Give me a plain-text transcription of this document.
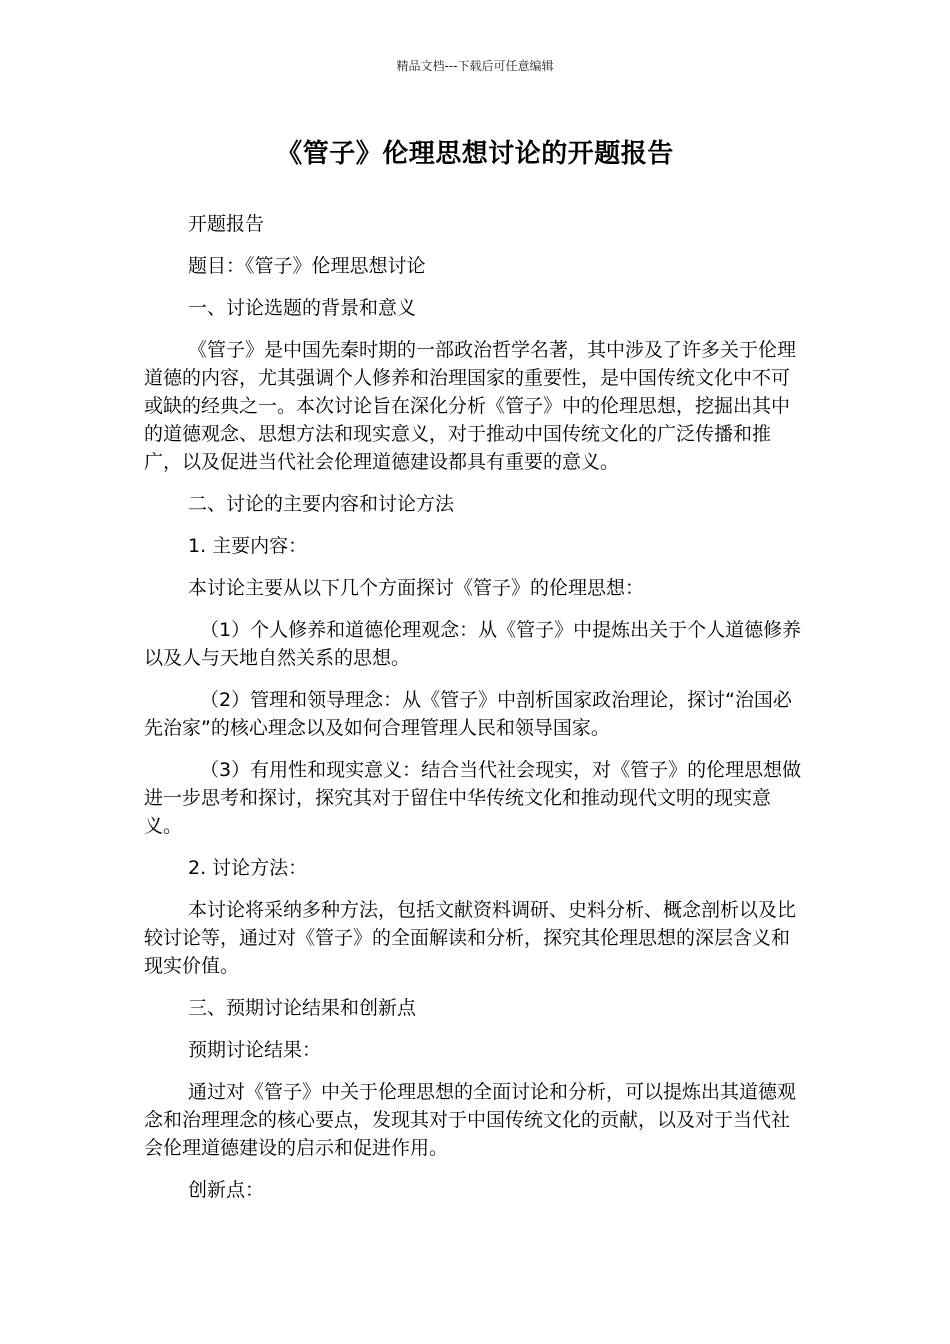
精品文档---下载后可任意编辑
《管子》伦理思想讨论的开题报告

开题报告

题目：《管子》伦理思想讨论

一、讨论选题的背景和意义

《管子》是中国先秦时期的一部政治哲学名著，其中涉及了许多关于伦理道德的内容，尤其强调个人修养和治理国家的重要性，是中国传统文化中不可或缺的经典之一。本次讨论旨在深化分析《管子》中的伦理思想，挖掘出其中的道德观念、思想方法和现实意义，对于推动中国传统文化的广泛传播和推广，以及促进当代社会伦理道德建设都具有重要的意义。

二、讨论的主要内容和讨论方法

1. 主要内容：

本讨论主要从以下几个方面探讨《管子》的伦理思想：

（1）个人修养和道德伦理观念：从《管子》中提炼出关于个人道德修养以及人与天地自然关系的思想。

（2）管理和领导理念：从《管子》中剖析国家政治理论，探讨“治国必先治家”的核心理念以及如何合理管理人民和领导国家。

（3）有用性和现实意义：结合当代社会现实，对《管子》的伦理思想做进一步思考和探讨，探究其对于留住中华传统文化和推动现代文明的现实意义。

2. 讨论方法：

本讨论将采纳多种方法，包括文献资料调研、史料分析、概念剖析以及比较讨论等，通过对《管子》的全面解读和分析，探究其伦理思想的深层含义和现实价值。

三、预期讨论结果和创新点

预期讨论结果：

通过对《管子》中关于伦理思想的全面讨论和分析，可以提炼出其道德观念和治理理念的核心要点，发现其对于中国传统文化的贡献，以及对于当代社会伦理道德建设的启示和促进作用。

创新点：
